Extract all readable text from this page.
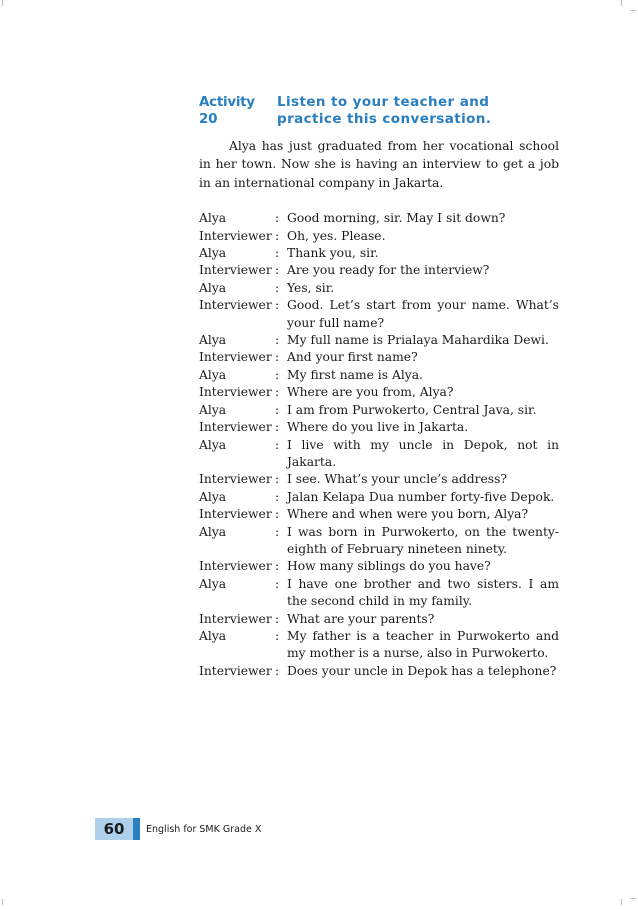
Activity 20
Listen to your teacher and practice this conversation.

Alya has just graduated from her vocational school in her town. Now she is having an interview to get a job in an international company in Jakarta.

Alya	: Good morning, sir. May I sit down?
Interviewer : Oh, yes. Please.
Alya	: Thank you, sir.
Interviewer : Are you ready for the interview?
Alya	: Yes, sir.
Interviewer : Good. Let’s start from your name. What’s your full name?
Alya	: My full name is Prialaya Mahardika Dewi.
Interviewer : And your first name?
Alya	: My first name is Alya.
Interviewer : Where are you from, Alya?
Alya	: I am from Purwokerto, Central Java, sir.
Interviewer : Where do you live in Jakarta.
Alya	: I live with my uncle in Depok, not in Jakarta.
Interviewer : I see. What’s your uncle’s address?
Alya	: Jalan Kelapa Dua number forty-five Depok.
Interviewer : Where and when were you born, Alya?
Alya	: I was born in Purwokerto, on the twenty-eighth of February nineteen ninety.
Interviewer : How many siblings do you have?
Alya	: I have one brother and two sisters. I am the second child in my family.
Interviewer : What are your parents?
Alya	: My father is a teacher in Purwokerto and my mother is a nurse, also in Purwokerto.
Interviewer : Does your uncle in Depok has a telephone?
60	English for SMK Grade X
